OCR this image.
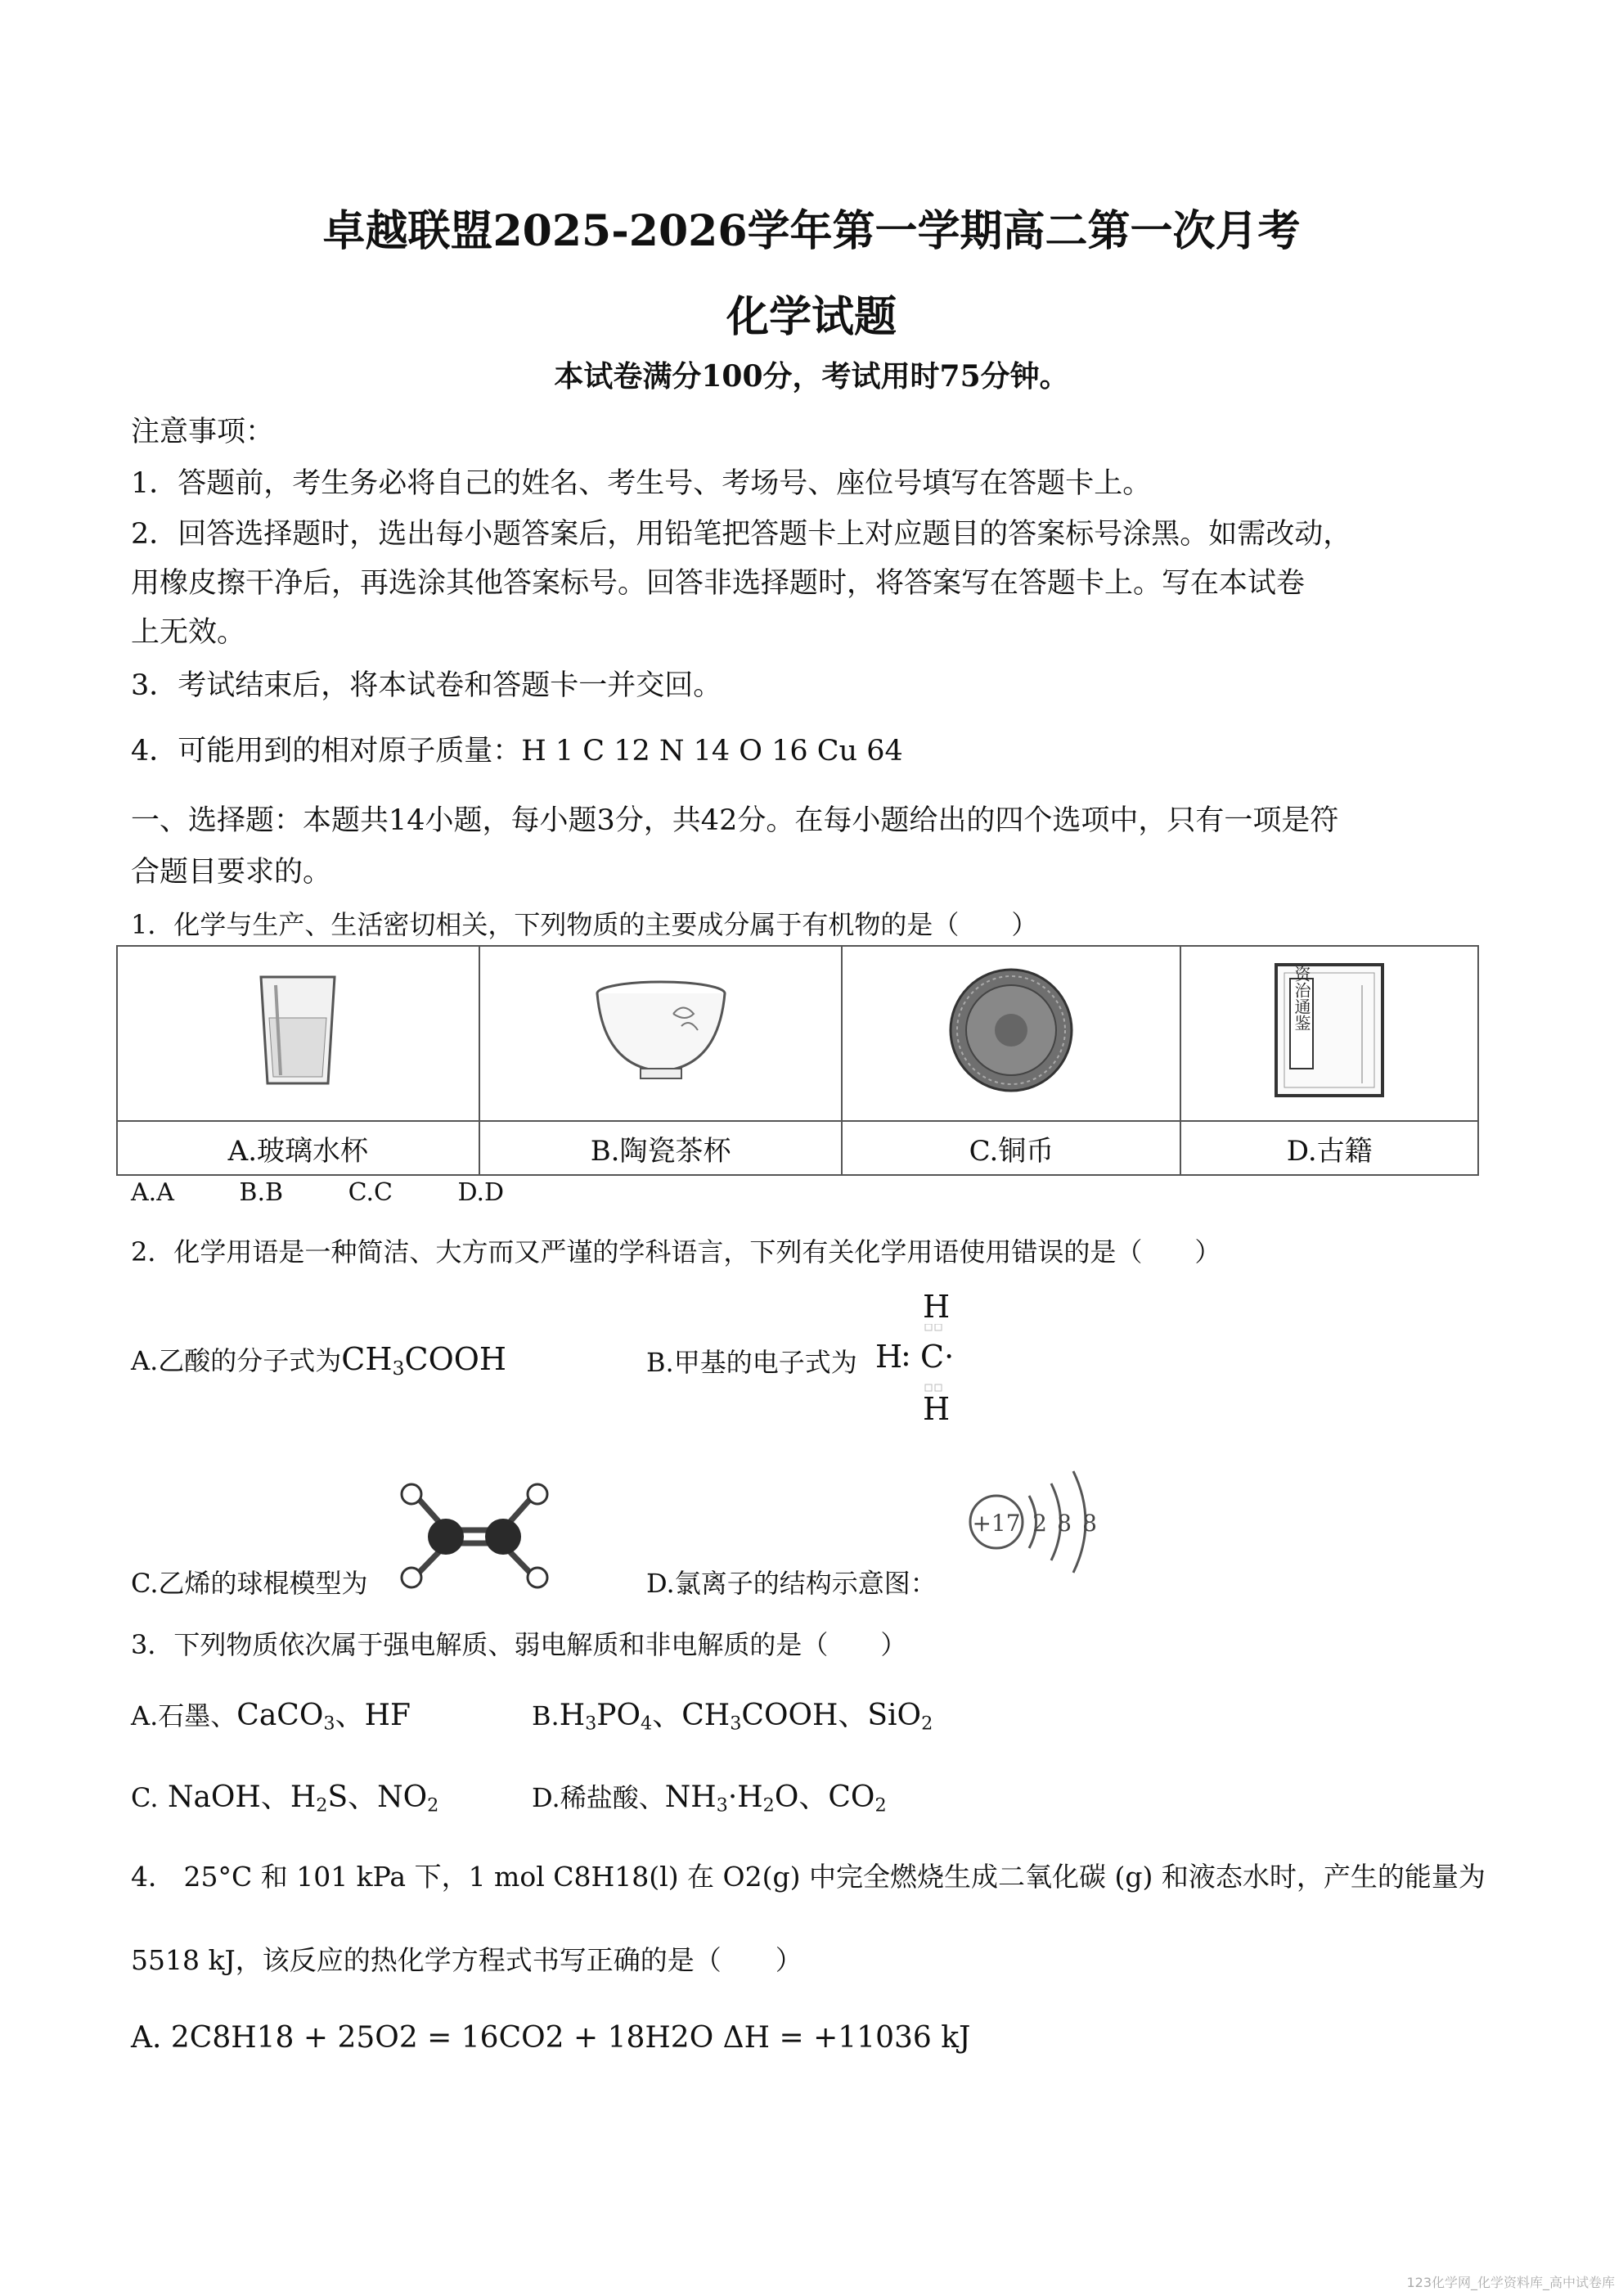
卓越联盟2025-2026学年第一学期高二第一次月考
化学试题
本试卷满分100分，考试用时75分钟。
注意事项：
1．答题前，考生务必将自己的姓名、考生号、考场号、座位号填写在答题卡上。
2．回答选择题时，选出每小题答案后，用铅笔把答题卡上对应题目的答案标号涂黑。如需改动，
用橡皮擦干净后，再选涂其他答案标号。回答非选择题时，将答案写在答题卡上。写在本试卷
上无效。
3．考试结束后，将本试卷和答题卡一并交回。
4．可能用到的相对原子质量：H 1 C 12 N 14 O 16 Cu 64
一、选择题：本题共14小题，每小题3分，共42分。在每小题给出的四个选项中，只有一项是符
合题目要求的。
1．化学与生产、生活密切相关，下列物质的主要成分属于有机物的是（　　）

资治通鉴

A.玻璃水杯	B.陶瓷茶杯	C.铜币	D.古籍
A.A	B.B	C.C	D.D
2．化学用语是一种简洁、大方而又严谨的学科语言，下列有关化学用语使用错误的是（　　）
A.乙酸的分子式为$CH_3COOH$	B.甲基的电子式为 H
: C·
H
H
C.乙烯的球棍模型为	D.氯离子的结构示意图：
+17 2 8 8
3．下列物质依次属于强电解质、弱电解质和非电解质的是（　　）
A.石墨、CaCO$_3$、HF	$B.H_3PO_4$、$CH_3COOH$、SiO$_2$
C. NaOH、$H_2S$、$NO_2$	D.稀盐酸、$NH_3\cdot H_2O$、$CO_2$
4． 25°C 和 101 kPa 下，1 mol C8H18(l) 在 O2(g) 中完全燃烧生成二氧化碳 (g) 和液态水时，产生的能量为
5518 kJ，该反应的热化学方程式书写正确的是（　　）
A. 2C8H18 + 25O2 = 16CO2 + 18H2O ΔH = +11036 kJ
123化学网_化学资料库_高中试卷库
